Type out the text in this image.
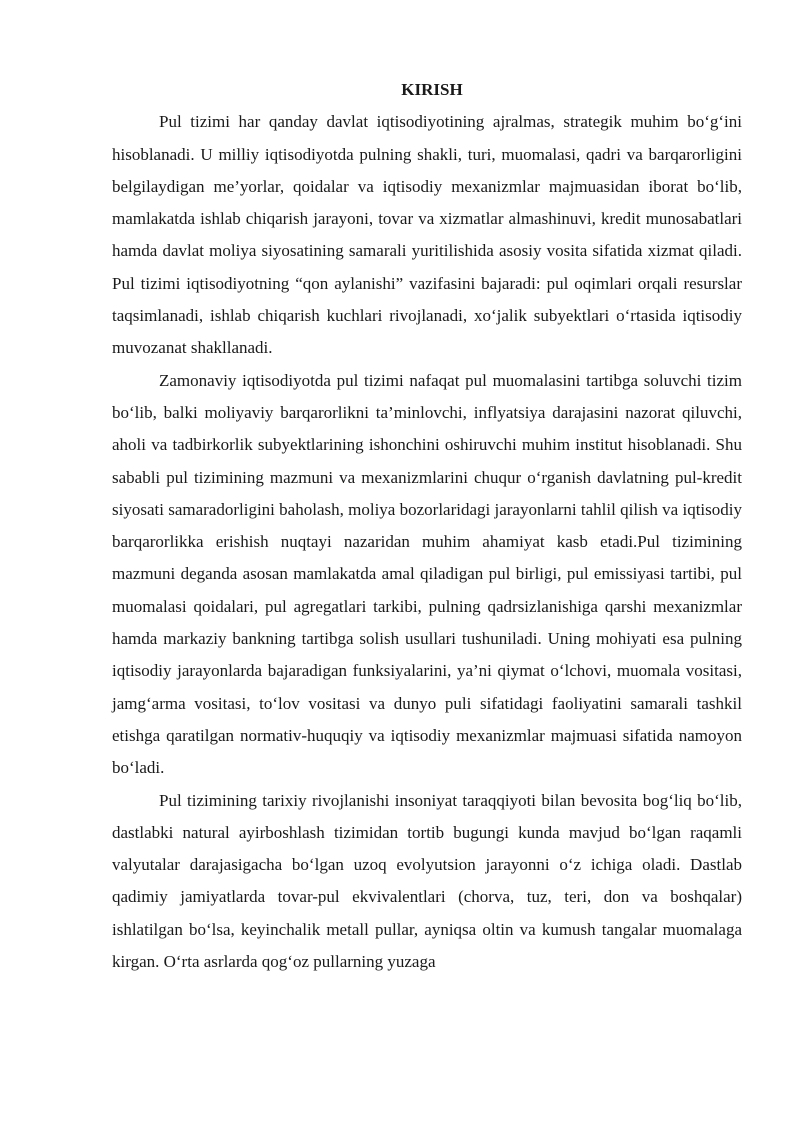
KIRISH

Pul tizimi har qanday davlat iqtisodiyotining ajralmas, strategik muhim bo‘g‘ini hisoblanadi. U milliy iqtisodiyotda pulning shakli, turi, muomalasi, qadri va barqarorligini belgilaydigan me’yorlar, qoidalar va iqtisodiy mexanizmlar majmuasidan iborat bo‘lib, mamlakatda ishlab chiqarish jarayoni, tovar va xizmatlar almashinuvi, kredit munosabatlari hamda davlat moliya siyosatining samarali yuritilishida asosiy vosita sifatida xizmat qiladi. Pul tizimi iqtisodiyotning “qon aylanishi” vazifasini bajaradi: pul oqimlari orqali resurslar taqsimlanadi, ishlab chiqarish kuchlari rivojlanadi, xo‘jalik subyektlari o‘rtasida iqtisodiy muvozanat shakllanadi.

Zamonaviy iqtisodiyotda pul tizimi nafaqat pul muomalasini tartibga soluvchi tizim bo‘lib, balki moliyaviy barqarorlikni ta’minlovchi, inflyatsiya darajasini nazorat qiluvchi, aholi va tadbirkorlik subyektlarining ishonchini oshiruvchi muhim institut hisoblanadi. Shu sababli pul tizimining mazmuni va mexanizmlarini chuqur o‘rganish davlatning pul-kredit siyosati samaradorligini baholash, moliya bozorlaridagi jarayonlarni tahlil qilish va iqtisodiy barqarorlikka erishish nuqtayi nazaridan muhim ahamiyat kasb etadi.Pul tizimining mazmuni deganda asosan mamlakatda amal qiladigan pul birligi, pul emissiyasi tartibi, pul muomalasi qoidalari, pul agregatlari tarkibi, pulning qadrsizlanishiga qarshi mexanizmlar hamda markaziy bankning tartibga solish usullari tushuniladi. Uning mohiyati esa pulning iqtisodiy jarayonlarda bajaradigan funksiyalarini, ya’ni qiymat o‘lchovi, muomala vositasi, jamg‘arma vositasi, to‘lov vositasi va dunyo puli sifatidagi faoliyatini samarali tashkil etishga qaratilgan normativ-huquqiy va iqtisodiy mexanizmlar majmuasi sifatida namoyon bo‘ladi.

Pul tizimining tarixiy rivojlanishi insoniyat taraqqiyoti bilan bevosita bog‘liq bo‘lib, dastlabki natural ayirboshlash tizimidan tortib bugungi kunda mavjud bo‘lgan raqamli valyutalar darajasigacha bo‘lgan uzoq evolyutsion jarayonni o‘z ichiga oladi. Dastlab qadimiy jamiyatlarda tovar-pul ekvivalentlari (chorva, tuz, teri, don va boshqalar) ishlatilgan bo‘lsa, keyinchalik metall pullar, ayniqsa oltin va kumush tangalar muomalaga kirgan. O‘rta asrlarda qog‘oz pullarning yuzaga
